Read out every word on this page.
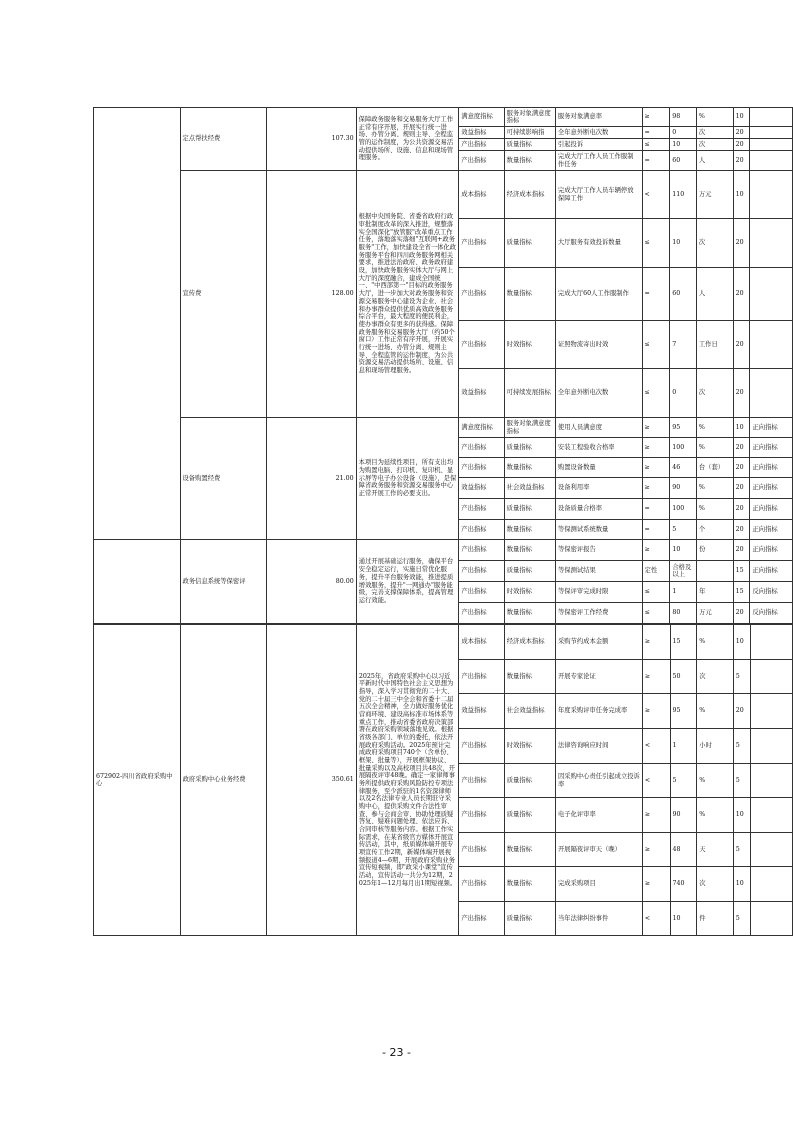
	定点帮扶经费	107.30	保障政务服务和交易服务大厅工作正常有序开展，开展实行统一进场、办管分离、规则主导、全程监管的运作制度，为公共资源交易活动提供场所、设施、信息和现场管理服务。	满意度指标	服务对象满意度指标	服务对象满意率	≥	98	%	10	
				效益指标	可持续影响指	全年意外断电次数	=	0	次	20	
				产出指标	质量指标	引起投诉	≤	10	次	20	
				产出指标	数量指标	完成大厅工作人员工作服制作任务	=	60	人	20	
	宣传费	128.00	根据中央国务院、省委省政府行政审批制度改革的深入推进，规整落实全国深化"放管服"改革重点工作任务，落地落实落细"互联网+政务服务"工作，加快建设全省一体化政务服务平台和四川政务服务网相关要求，推进法治政府、政务政府建设，加快政务服务实体大厅与网上大厅的深度融合，建成全国统一、"中西部第一"目标的政务服务大厅，进一步加大对政务服务和资源交易服务中心建设为企业、社会和办事群众提供优质高效政务服务综合平台，最大程度的便民利企，使办事群众有更多的获得感。保障政务服务和交易服务大厅（约50个窗口）工作正常有序开展，开展实行统一进场、办管分离、规则主导、全程监管的运作制度，为公共资源交易活动提供场所、设施、信息和现场管理服务。	成本指标	经济成本指标	完成大厅工作人员车辆停放保障工作	<	110	万元	10	
				产出指标	质量指标	大厅服务有效投诉数量	≤	10	次	20	
				产出指标	数量指标	完成大厅60人工作服制作	=	60	人	20	
				产出指标	时效指标	证照物流寄出时效	≤	7	工作日	20	
				效益指标	可持续发展指标	全年意外断电次数	≤	0	次	20	
	设备购置经费	21.00	本项目为延续性项目，所有支出均为购置电脑、打印机、复印机、显示屏等电子办公设备（设施），是保障省政务服务和资源交易服务中心正常开展工作的必要支出。	满意度指标	服务对象满意度指标	使用人员满意度	≥	95	%	10	正向指标
				产出指标	质量指标	安装工程验收合格率	≥	100	%	20	正向指标
				产出指标	数量指标	购置设备数量	≥	46	台（套）	20	正向指标
				效益指标	社会效益指标	设备利用率	≥	90	%	20	正向指标
				产出指标	质量指标	设备质量合格率	=	100	%	20	正向指标
				产出指标	数量指标	等保测试系统数量	=	5	个	20	正向指标
	政务信息系统等保密评	80.00	通过开展基础运行服务，确保平台安全稳定运行，实施日常优化服务，提升平台服务效能，推进提质增效服务，提升"一网通办"服务能级，完善支撑保障体系，提高管理运行效能。	产出指标	数量指标	等保密评报告	≥	10	份	20	正向指标
				产出指标	质量指标	等保测试结果	定性	合格及以上		15	正向指标
				产出指标	时效指标	等保评审完成时限	≤	1	年	15	反向指标
				产出指标	数量指标	等保密评工作经费	≤	80	万元	20	反向指标
672902-四川省政府采购中心	政府采购中心业务经费	350.61	2025年，省政府采购中心以习近平新时代中国特色社会主义思想为指导，深入学习贯彻党的二十大、党的二十届三中全会和省委十二届五次全会精神，全力做好服务优化营商环境、建设高标准市场体系等重点工作，推动省委省政府决策部署在政府采购领域落地见效。根据省级各部门、单位的委托，依法开展政府采购活动。2025年预计完成政府采购项目740个（含单份、框架、批量等），开展框架协议、批量采购以及高校项目共48次，开展隔夜评审48晚。确定一家律师事务所提供政府采购风险防控专项法律服务，至少派驻的1名资深律师以及2名法律专业人员长期驻守采购中心，提供采购文件合法性审查、参与会商会审、协助处理质疑答复、疑难问题处理、依法应诉、合同审核等服务内容。根据工作实际需求，在某省级官方媒体开展宣传活动，其中，纸质媒体端开展专项宣传工作2期，新媒体端开展视频报道4—6期，开展政府采购业务宣传短视频，即"政采小课堂"宣传活动，宣传活动一共分为12期，2025年1—12月每月出1期短视频。	成本指标	经济成本指标	采购节约成本金额	≥	15	%	10	
				产出指标	数量指标	开展专家论证	≥	50	次	5	
				效益指标	社会效益指标	年度采购评审任务完成率	≥	95	%	20	
				产出指标	时效指标	法律咨询响应时间	<	1	小时	5	
				产出指标	质量指标	因采购中心责任引起成立投诉率	<	5	%	5	
				产出指标	质量指标	电子化评审率	≥	90	%	10	
				产出指标	数量指标	开展隔夜评审天（晚）	≥	48	天	5	
				产出指标	数量指标	完成采购项目	≥	740	次	10	
				产出指标	质量指标	当年法律纠纷事件	<	10	件	5	
- 23 -
